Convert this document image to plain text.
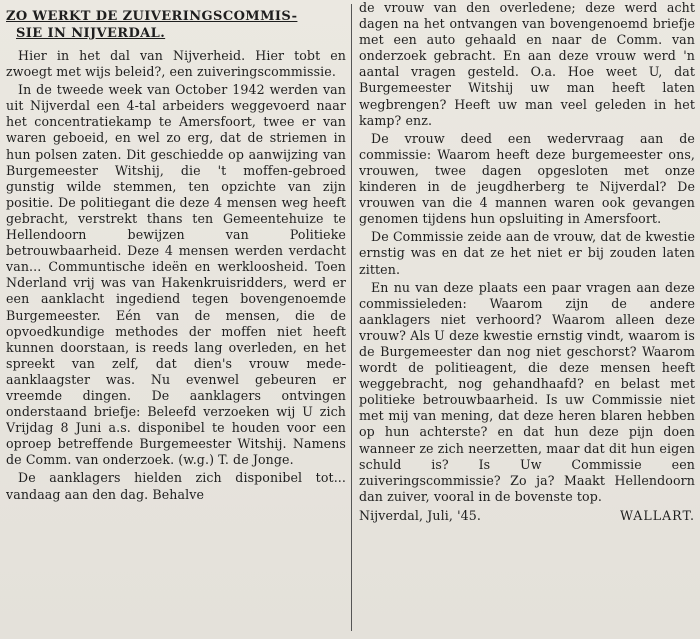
ZO WERKT DE ZUIVERINGSCOMMIS-
SIE IN NIJVERDAL.

Hier in het dal van Nijverheid. Hier tobt en zwoegt met wijs beleid?, een zuiveringscommissie.

In de tweede week van October 1942 werden van uit Nijverdal een 4-tal arbeiders weggevoerd naar het concentratiekamp te Amersfoort, twee er van waren geboeid, en wel zo erg, dat de striemen in hun polsen zaten. Dit geschiedde op aanwijzing van Burgemeester Witshij, die 't moffen-gebroed gunstig wilde stemmen, ten opzichte van zijn positie. De politiegant die deze 4 mensen weg heeft gebracht, verstrekt thans ten Gemeentehuize te Hellendoorn bewijzen van Politieke betrouwbaarheid. Deze 4 mensen werden verdacht van... Communtische ideën en werkloosheid. Toen Nderland vrij was van Hakenkruisridders, werd er een aanklacht ingediend tegen bovengenoemde Burgemeester. Eén van de mensen, die de opvoedkundige methodes der moffen niet heeft kunnen doorstaan, is reeds lang overleden, en het spreekt van zelf, dat dien's vrouw mede-aanklaagster was. Nu evenwel gebeuren er vreemde dingen. De aanklagers ontvingen onderstaand briefje: Beleefd verzoeken wij U zich Vrijdag 8 Juni a.s. disponibel te houden voor een oproep betreffende Burgemeester Witshij. Namens de Comm. van onderzoek. (w.g.) T. de Jonge.

De aanklagers hielden zich disponibel tot... vandaag aan den dag. Behalve

de vrouw van den overledene; deze werd acht dagen na het ontvangen van bovengenoemd briefje met een auto gehaald en naar de Comm. van onderzoek gebracht. En aan deze vrouw werd 'n aantal vragen gesteld. O.a. Hoe weet U, dat Burgemeester Witshij uw man heeft laten wegbrengen? Heeft uw man veel geleden in het kamp? enz.

De vrouw deed een wedervraag aan de commissie: Waarom heeft deze burgemeester ons, vrouwen, twee dagen opgesloten met onze kinderen in de jeugdherberg te Nijverdal? De vrouwen van die 4 mannen waren ook gevangen genomen tijdens hun opsluiting in Amersfoort.

De Commissie zeide aan de vrouw, dat de kwestie ernstig was en dat ze het niet er bij zouden laten zitten.

En nu van deze plaats een paar vragen aan deze commissieleden: Waarom zijn de andere aanklagers niet verhoord? Waarom alleen deze vrouw? Als U deze kwestie ernstig vindt, waarom is de Burgemeester dan nog niet geschorst? Waarom wordt de politieagent, die deze mensen heeft weggebracht, nog gehandhaafd? en belast met politieke betrouwbaarheid. Is uw Commissie niet met mij van mening, dat deze heren blaren hebben op hun achterste? en dat hun deze pijn doen wanneer ze zich neerzetten, maar dat dit hun eigen schuld is? Is Uw Commissie een zuiveringscommissie? Zo ja? Maakt Hellendoorn dan zuiver, vooral in de bovenste top.

Nijverdal, Juli, '45.	WALLART.
